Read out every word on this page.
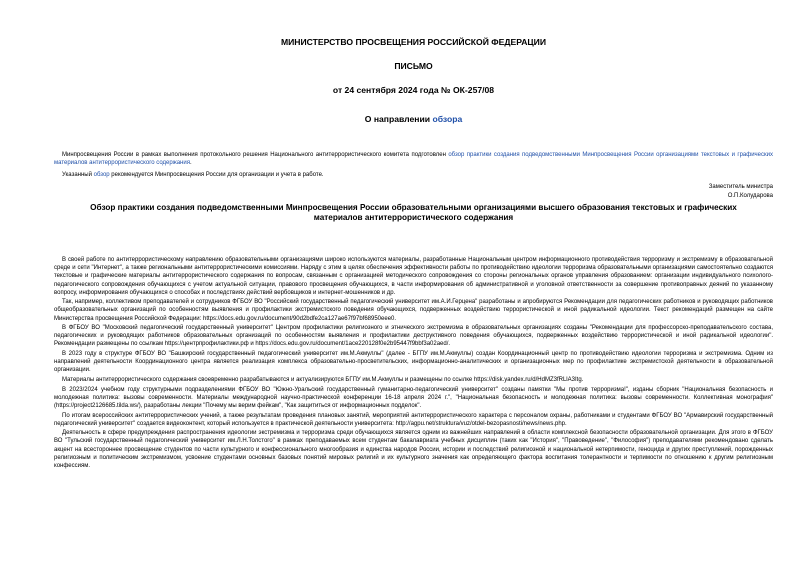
МИНИСТЕРСТВО ПРОСВЕЩЕНИЯ РОССИЙСКОЙ ФЕДЕРАЦИИ

ПИСЬМО

от 24 сентября 2024 года № ОК-257/08

О направлении обзора

Минпросвещения России в рамках выполнения протокольного решения Национального антитеррористического комитета подготовлен обзор практики создания подведомственными Минпросвещения России организациями текстовых и графических материалов антитеррористического содержания.

Указанный обзор рекомендуется Минпросвещения России для организации и учета в работе.

Заместитель министра
О.П.Колударова

Обзор практики создания подведомственными Минпросвещения России образовательными организациями высшего образования текстовых и графических материалов антитеррористического содержания

В своей работе по антитеррористическому направлению образовательными организациями широко используются материалы, разработанные Национальным центром информационного противодействия терроризму и экстремизму в образовательной среде и сети "Интернет", а также региональными антитеррористическими комиссиями. Наряду с этим в целях обеспечения эффективности работы по противодействию идеологии терроризма образовательными организациями самостоятельно создаются текстовые и графические материалы антитеррористического содержания по вопросам, связанным с организацией методического сопровождения со стороны региональных органов управления образованием: организации индивидуального психолого-педагогического сопровождения обучающихся с учетом актуальной ситуации, правового просвещения обучающихся, в части информирования об административной и уголовной ответственности за совершение противоправных деяний по указанному вопросу, информирования обучающихся о способах и последствиях действий вербовщиков и интернет-мошенников и др.

Так, например, коллективом преподавателей и сотрудников ФГБОУ ВО "Российский государственный педагогический университет им.А.И.Герцена" разработаны и апробируются Рекомендации для педагогических работников и руководящих работников общеобразовательных организаций по особенностям выявления и профилактики экстремистского поведения обучающихся, подверженных воздействию террористической и иной радикальной идеологии. Текст рекомендаций размещен на сайте Министерства просвещения Российской Федерации: https://docs.edu.gov.ru/document/90d2bdfe2ca127ae67f97bf68950eee0.

В ФГБОУ ВО "Московский педагогический государственный университет" Центром профилактики религиозного и этнического экстремизма в образовательных организациях созданы "Рекомендации для профессорско-преподавательского состава, педагогических и руководящих работников образовательных организаций по особенностям выявления и профилактики деструктивного поведения обучающихся, подверженных воздействию террористической и иной радикальной идеологии". Рекомендации размещены по ссылкам https://центрпрофилактики.рф и https://docs.edu.gov.ru/document/1ace220128f0e2b95447f9bbf3a02aed/.

В 2023 году в структуре ФГБОУ ВО "Башкирский государственный педагогический университет им.М.Акмуллы" (далее - БГПУ им.М.Акмуллы) создан Координационный центр по противодействию идеологии терроризма и экстремизма. Одним из направлений деятельности Координационного центра является реализация комплекса образовательно-просветительских, информационно-аналитических и организационных мер по профилактике экстремистской деятельности в образовательной организации.

Материалы антитеррористического содержания своевременно разрабатываются и актуализируются БГПУ им.М.Акмуллы и размещены по ссылке https://disk.yandex.ru/d/HdMZ3fRLlA3Itg.

В 2023/2024 учебном году структурными подразделениями ФГБОУ ВО "Южно-Уральский государственный гуманитарно-педагогический университет" созданы памятки "Мы против терроризма!", изданы сборник "Национальная безопасность и молодежная политика: вызовы современности. Материалы международной научно-практической конференции 16-18 апреля 2024 г.", "Национальная безопасность и молодежная политика: вызовы современности. Коллективная монография" (https://project2126685.tilda.ws/), разработаны лекции "Почему мы верим фейкам", "Как защититься от информационных подделок".

По итогам всероссийских антитеррористических учений, а также результатам проведения плановых занятий, мероприятий антитеррористического характера с персоналом охраны, работниками и студентами ФГБОУ ВО "Армавирский государственный педагогический университет" создается видеоконтент, который используется в практической деятельности университета: http://agpu.net/struktura/vuz/otdel-bezopasnosti/news/news.php.

Деятельность в сфере предупреждения распространения идеологии экстремизма и терроризма среди обучающихся является одним из важнейших направлений в области комплексной безопасности образовательной организации. Для этого в ФГБОУ ВО "Тульский государственный педагогический университет им.Л.Н.Толстого" в рамках преподаваемых всем студентам бакалавриата учебных дисциплин (таких как "История", "Правоведение", "Философия") преподавателями рекомендовано сделать акцент на всестороннее просвещение студентов по части культурного и конфессионального многообразия и единства народов России, истории и последствий религиозной и национальной нетерпимости, геноцида и других преступлений, порожденных религиозным и политическим экстремизмом, усвоение студентами основных базовых понятий мировых религий и их культурного значения как определяющего фактора воспитания толерантности и терпимости по отношению к другим религиозным конфессиям.
